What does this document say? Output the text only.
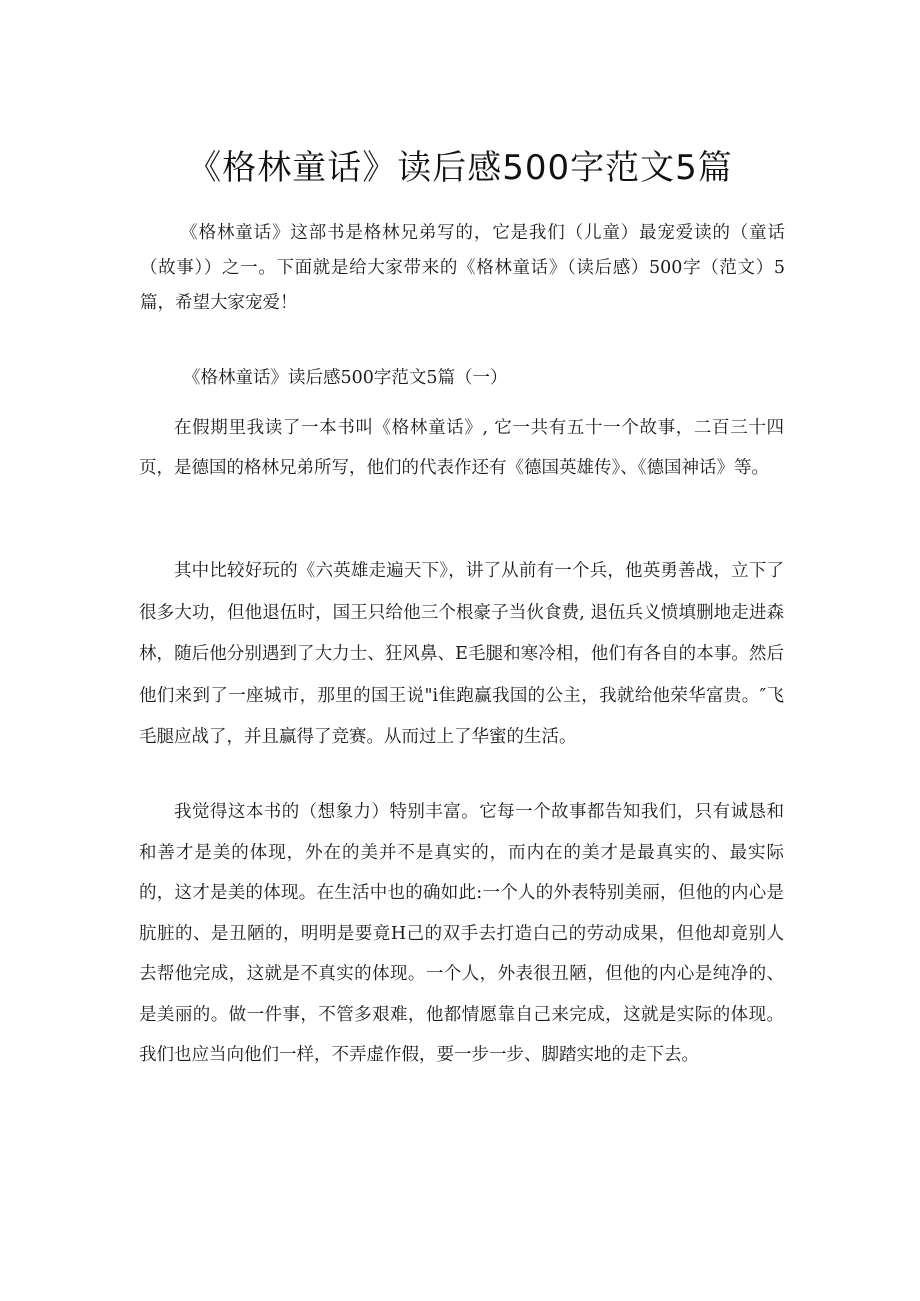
《格林童话》读后感500字范文5篇

《格林童话》这部书是格林兄弟写的，它是我们（儿童）最宠爱读的（童话（故事））之一。下面就是给大家带来的《格林童话》（读后感）500字（范文）5篇，希望大家宠爱！

《格林童话》读后感500字范文5篇（一）

在假期里我读了一本书叫《格林童话》, 它一共有五十一个故事，二百三十四页，是德国的格林兄弟所写，他们的代表作还有《德国英雄传》、《德国神话》等。

其中比较好玩的《六英雄走遍天下》，讲了从前有一个兵，他英勇善战，立下了很多大功，但他退伍时，国王只给他三个根豪子当伙食费, 退伍兵义愤填删地走进森林，随后他分别遇到了大力士、狂风鼻、E毛腿和寒冷相，他们有各自的本事。然后他们来到了一座城市，那里的国王说"i隹跑赢我国的公主，我就给他荣华富贵。″飞毛腿应战了，并且赢得了竞赛。从而过上了华蜜的生活。

我觉得这本书的（想象力）特别丰富。它每一个故事都告知我们，只有诚恳和和善才是美的体现，外在的美并不是真实的，而内在的美才是最真实的、最实际的，这才是美的体现。在生活中也的确如此:一个人的外表特别美丽，但他的内心是肮脏的、是丑陋的，明明是要竟H己的双手去打造白己的劳动成果，但他却竟别人去帮他完成，这就是不真实的体现。一个人，外表很丑陋，但他的内心是纯净的、是美丽的。做一件事，不管多艰难，他都情愿靠自己来完成，这就是实际的体现。我们也应当向他们一样，不弄虚作假，要一步一步、脚踏实地的走下去。
